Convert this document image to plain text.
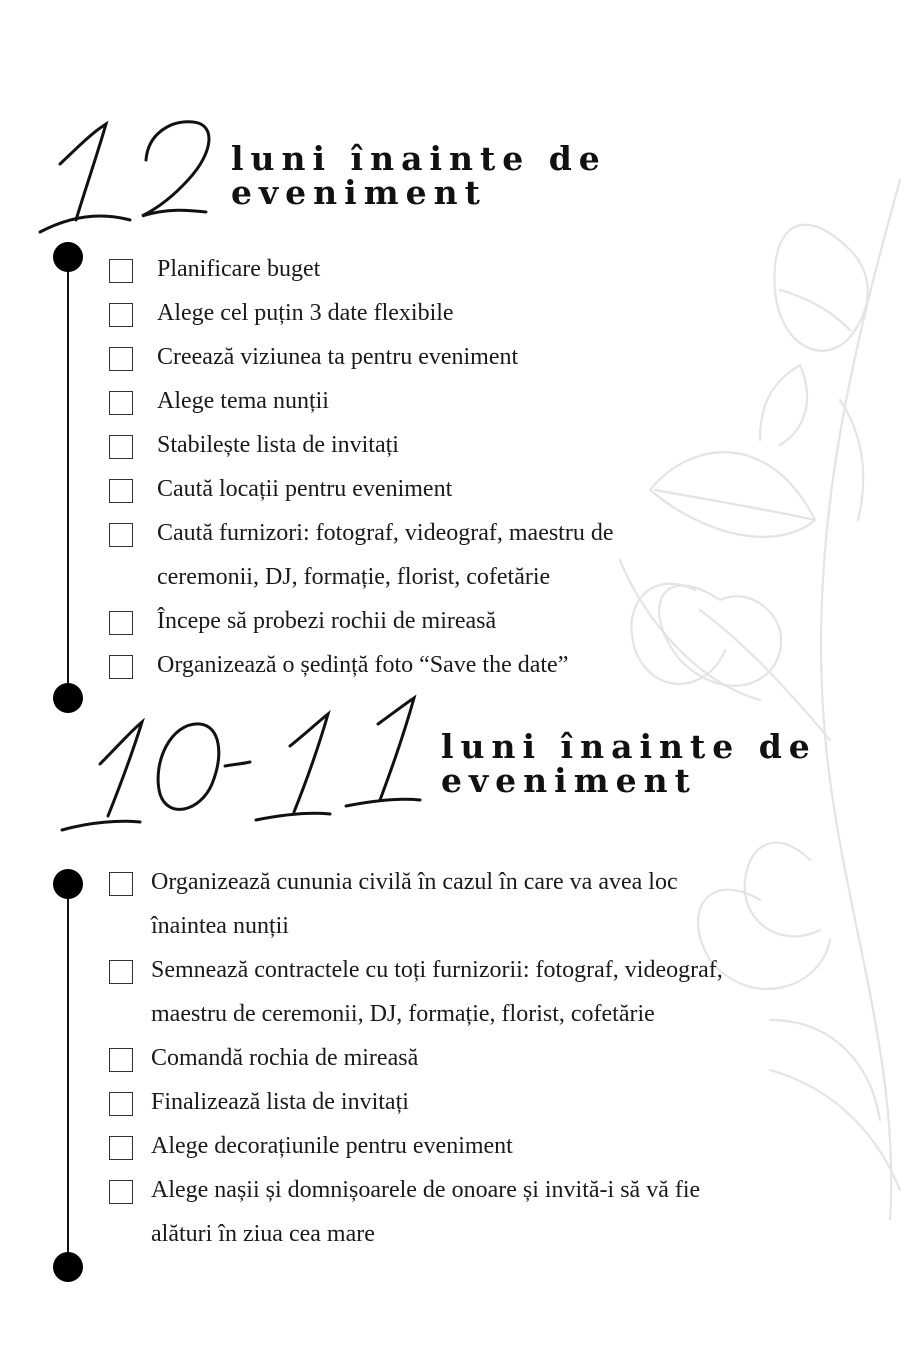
luni înainte de
eveniment
Planificare buget
Alege cel puțin 3 date flexibile
Creează viziunea ta pentru eveniment
Alege tema nunții
Stabilește lista de invitați
Caută locații pentru eveniment
Caută furnizori: fotograf, videograf, maestru de ceremonii, DJ, formație, florist, cofetărie
Începe să probezi rochii de mireasă
Organizează o ședință foto “Save the date”
luni înainte de
eveniment
Organizează cununia civilă în cazul în care va avea loc înaintea nunții
Semnează contractele cu toți furnizorii: fotograf, videograf, maestru de ceremonii, DJ, formație, florist, cofetărie
Comandă rochia de mireasă
Finalizează lista de invitați
Alege decorațiunile pentru eveniment
Alege nașii și domnișoarele de onoare și invită-i să vă fie alături în ziua cea mare
